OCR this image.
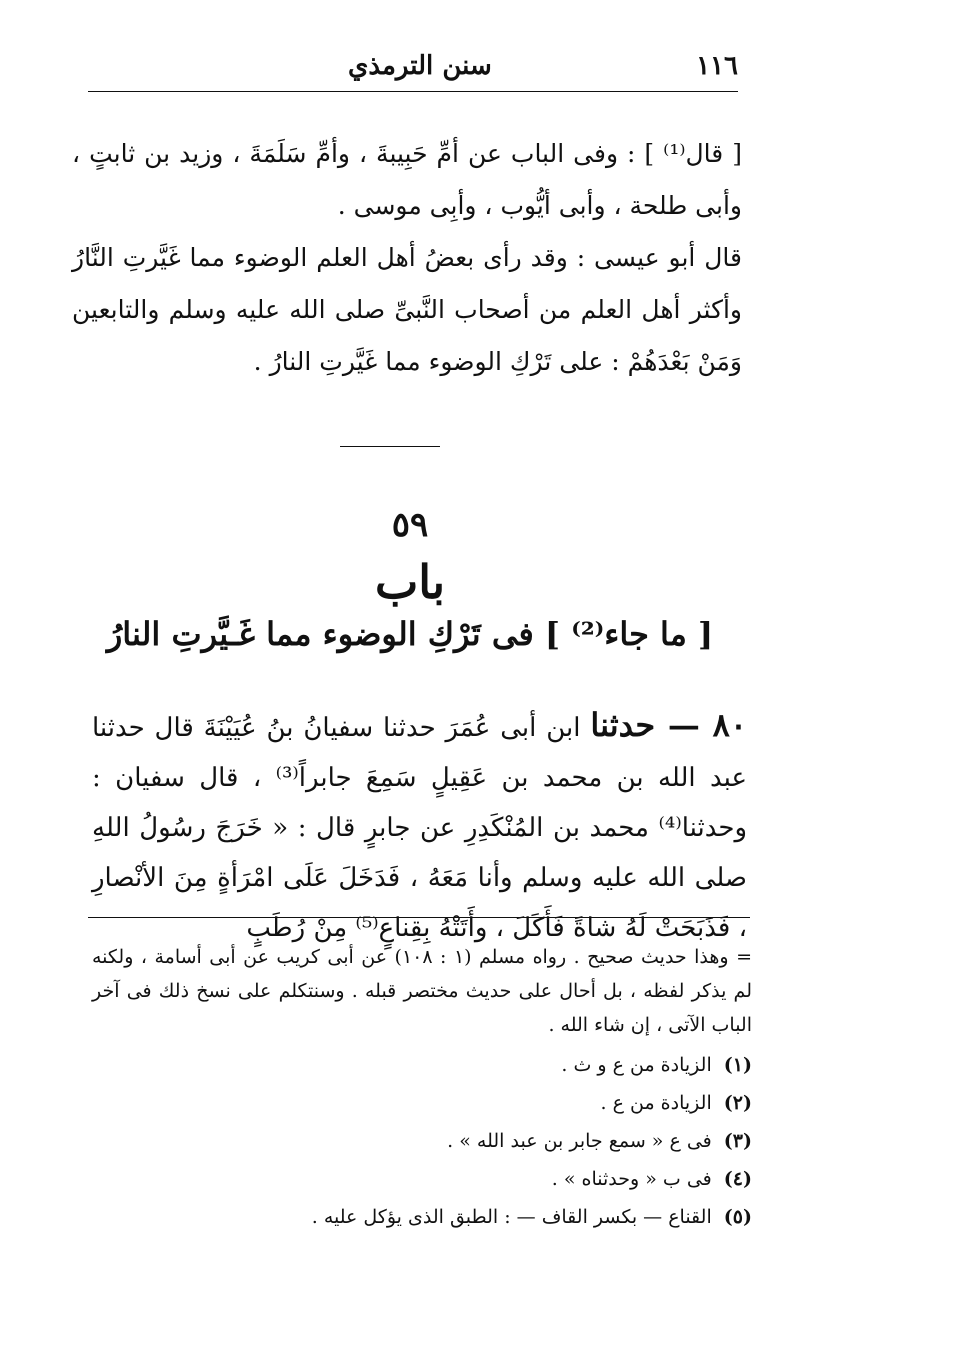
سنن الترمذي	١١٦

[ قال⁽¹⁾ ] : وفى الباب عن أمِّ حَبِيبةَ ، وأمِّ سَلَمَةَ ، وزيد بن ثابتٍ ، وأبى طلحة ، وأبى أيُّوب ، وأبِى موسى .

قال أبو عيسى : وقد رأى بعضُ أهل العلم الوضوء مما غَيَّرتِ النَّارُ وأكثر أهل العلم من أصحاب النَّبىِّ صلى الله عليه وسلم والتابعين وَمَنْ بَعْدَهُمْ : على تَرْكِ الوضوء مما غَيَّرتِ النارُ .

٥٩
باب
[ ما جاء⁽²⁾ ] فى تَرْكِ الوضوء مما غَـيَّرتِ النارُ

٨٠ — حدثنا ابن أبى عُمَرَ حدثنا سفيانُ بنُ عُيَيْنَةَ قال حدثنا عبد الله بن محمد بن عَقِيلٍ سَمِعَ جابراً⁽³⁾ ، قال سفيان : وحدثنا⁽⁴⁾ محمد بن المُنْكَدِرِ عن جابرٍ قال : « خَرَجَ رسُولُ اللهِ صلى الله عليه وسلم وأنا مَعَهُ ، فَدَخَلَ عَلَى امْرَأةٍ مِنَ الأنْصارِ ، فَذَبَحَتْ لَهُ شاةً فَأَكَلَ ، وأَتَتْهُ بِقِناعٍ⁽⁵⁾ مِنْ رُطَبٍ

= وهذا حديث صحيح . رواه مسلم (١ : ١٠٨) عن أبى كريب عن أبى أسامة ، ولكنه لم يذكر لفظه ، بل أحال على حديث مختصر قبله . وسنتكلم على نسخ ذلك فى آخر الباب الآتى ، إن شاء الله .

(١) الزيادة من ع و ث .
(٢) الزيادة من ع .
(٣) فى ع « سمع جابر بن عبد الله » .
(٤) فى ب « وحدثناه » .
(٥) القناع — بكسر القاف — : الطبق الذى يؤكل عليه .
